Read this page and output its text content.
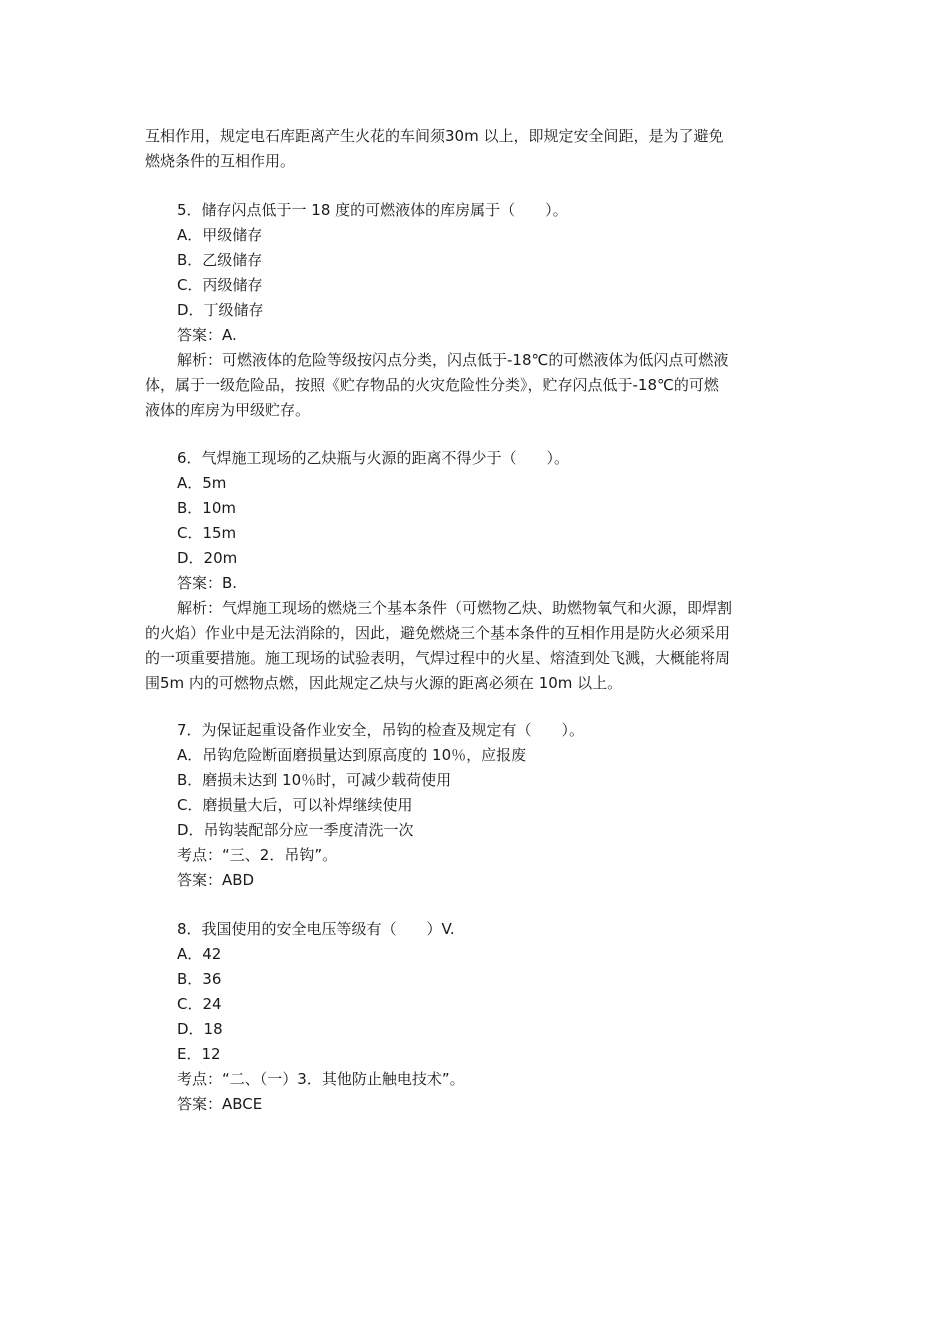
互相作用，规定电石库距离产生火花的车间须30m 以上，即规定安全间距，是为了避免
燃烧条件的互相作用。
5．储存闪点低于一 18 度的可燃液体的库房属于（　　）。
A．甲级储存
B．乙级储存
C．丙级储存
D．丁级储存
答案：A.
解析：可燃液体的危险等级按闪点分类，闪点低于-18℃的可燃液体为低闪点可燃液
体，属于一级危险品，按照《贮存物品的火灾危险性分类》，贮存闪点低于-18℃的可燃
液体的库房为甲级贮存。
6．气焊施工现场的乙炔瓶与火源的距离不得少于（　　）。
A．5m
B．10m
C．15m
D．20m
答案：B.
解析：气焊施工现场的燃烧三个基本条件（可燃物乙炔、助燃物氧气和火源，即焊割
的火焰）作业中是无法消除的，因此，避免燃烧三个基本条件的互相作用是防火必须采用
的一项重要措施。施工现场的试验表明，气焊过程中的火星、熔渣到处飞溅，大概能将周
围5m 内的可燃物点燃，因此规定乙炔与火源的距离必须在 10m 以上。
7．为保证起重设备作业安全，吊钩的检查及规定有（　　）。
A．吊钩危险断面磨损量达到原高度的 10％，应报废
B．磨损未达到 10％时，可减少载荷使用
C．磨损量大后，可以补焊继续使用
D．吊钩装配部分应一季度清洗一次
考点：“三、2．吊钩”。
答案：ABD
8．我国使用的安全电压等级有（　　）V.
A．42
B．36
C．24
D．18
E．12
考点：“二、（一）3．其他防止触电技术”。
答案：ABCE
